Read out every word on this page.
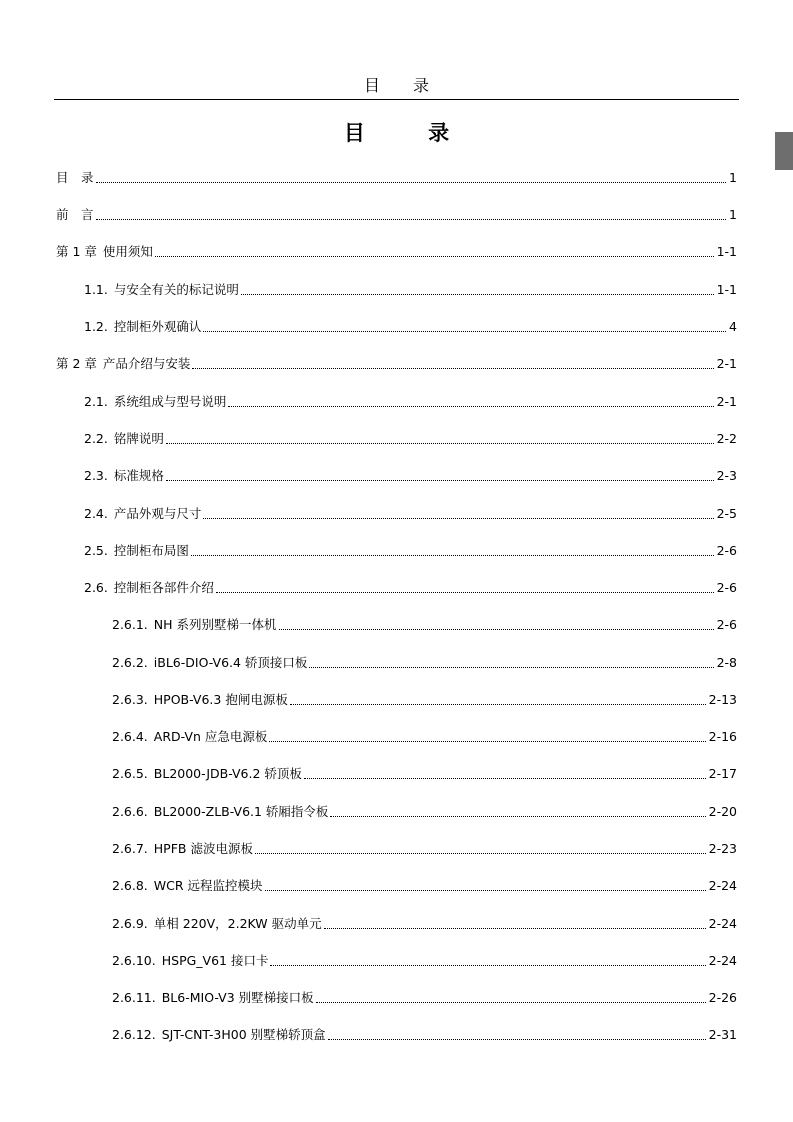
目 录
目 录
目　录	1
前　言	1
第 1 章 使用须知	1-1
1.1. 与安全有关的标记说明	1-1
1.2. 控制柜外观确认	4
第 2 章 产品介绍与安装	2-1
2.1. 系统组成与型号说明	2-1
2.2. 铭牌说明	2-2
2.3. 标准规格	2-3
2.4. 产品外观与尺寸	2-5
2.5. 控制柜布局图	2-6
2.6. 控制柜各部件介绍	2-6
2.6.1. NH 系列别墅梯一体机	2-6
2.6.2. iBL6-DIO-V6.4 轿顶接口板	2-8
2.6.3. HPOB-V6.3 抱闸电源板	2-13
2.6.4. ARD-Vn 应急电源板	2-16
2.6.5. BL2000-JDB-V6.2 轿顶板	2-17
2.6.6. BL2000-ZLB-V6.1 轿厢指令板	2-20
2.6.7. HPFB 滤波电源板	2-23
2.6.8. WCR 远程监控模块	2-24
2.6.9. 单相 220V，2.2KW 驱动单元	2-24
2.6.10. HSPG_V61 接口卡	2-24
2.6.11. BL6-MIO-V3 别墅梯接口板	2-26
2.6.12. SJT-CNT-3H00 别墅梯轿顶盒	2-31
